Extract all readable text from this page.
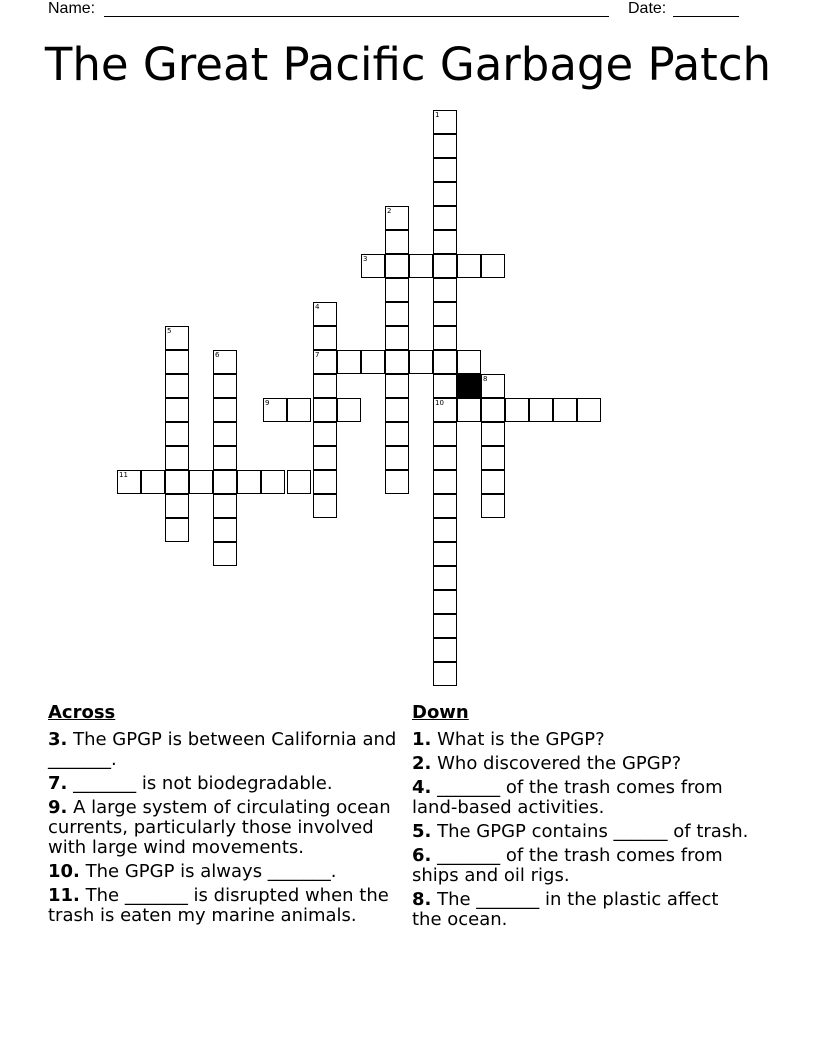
Name:	Date:
The Great Pacific Garbage Patch
1
2
3
4
5
6	7
8
9	10
11
Across
3. The GPGP is between California and _______.
7. _______ is not biodegradable.
9. A large system of circulating ocean currents, particularly those involved with large wind movements.
10. The GPGP is always _______.
11. The _______ is disrupted when the trash is eaten my marine animals.
Down
1. What is the GPGP?
2. Who discovered the GPGP?
4. _______ of the trash comes from land-based activities.
5. The GPGP contains ______ of trash.
6. _______ of the trash comes from ships and oil rigs.
8. The _______ in the plastic affect the ocean.
